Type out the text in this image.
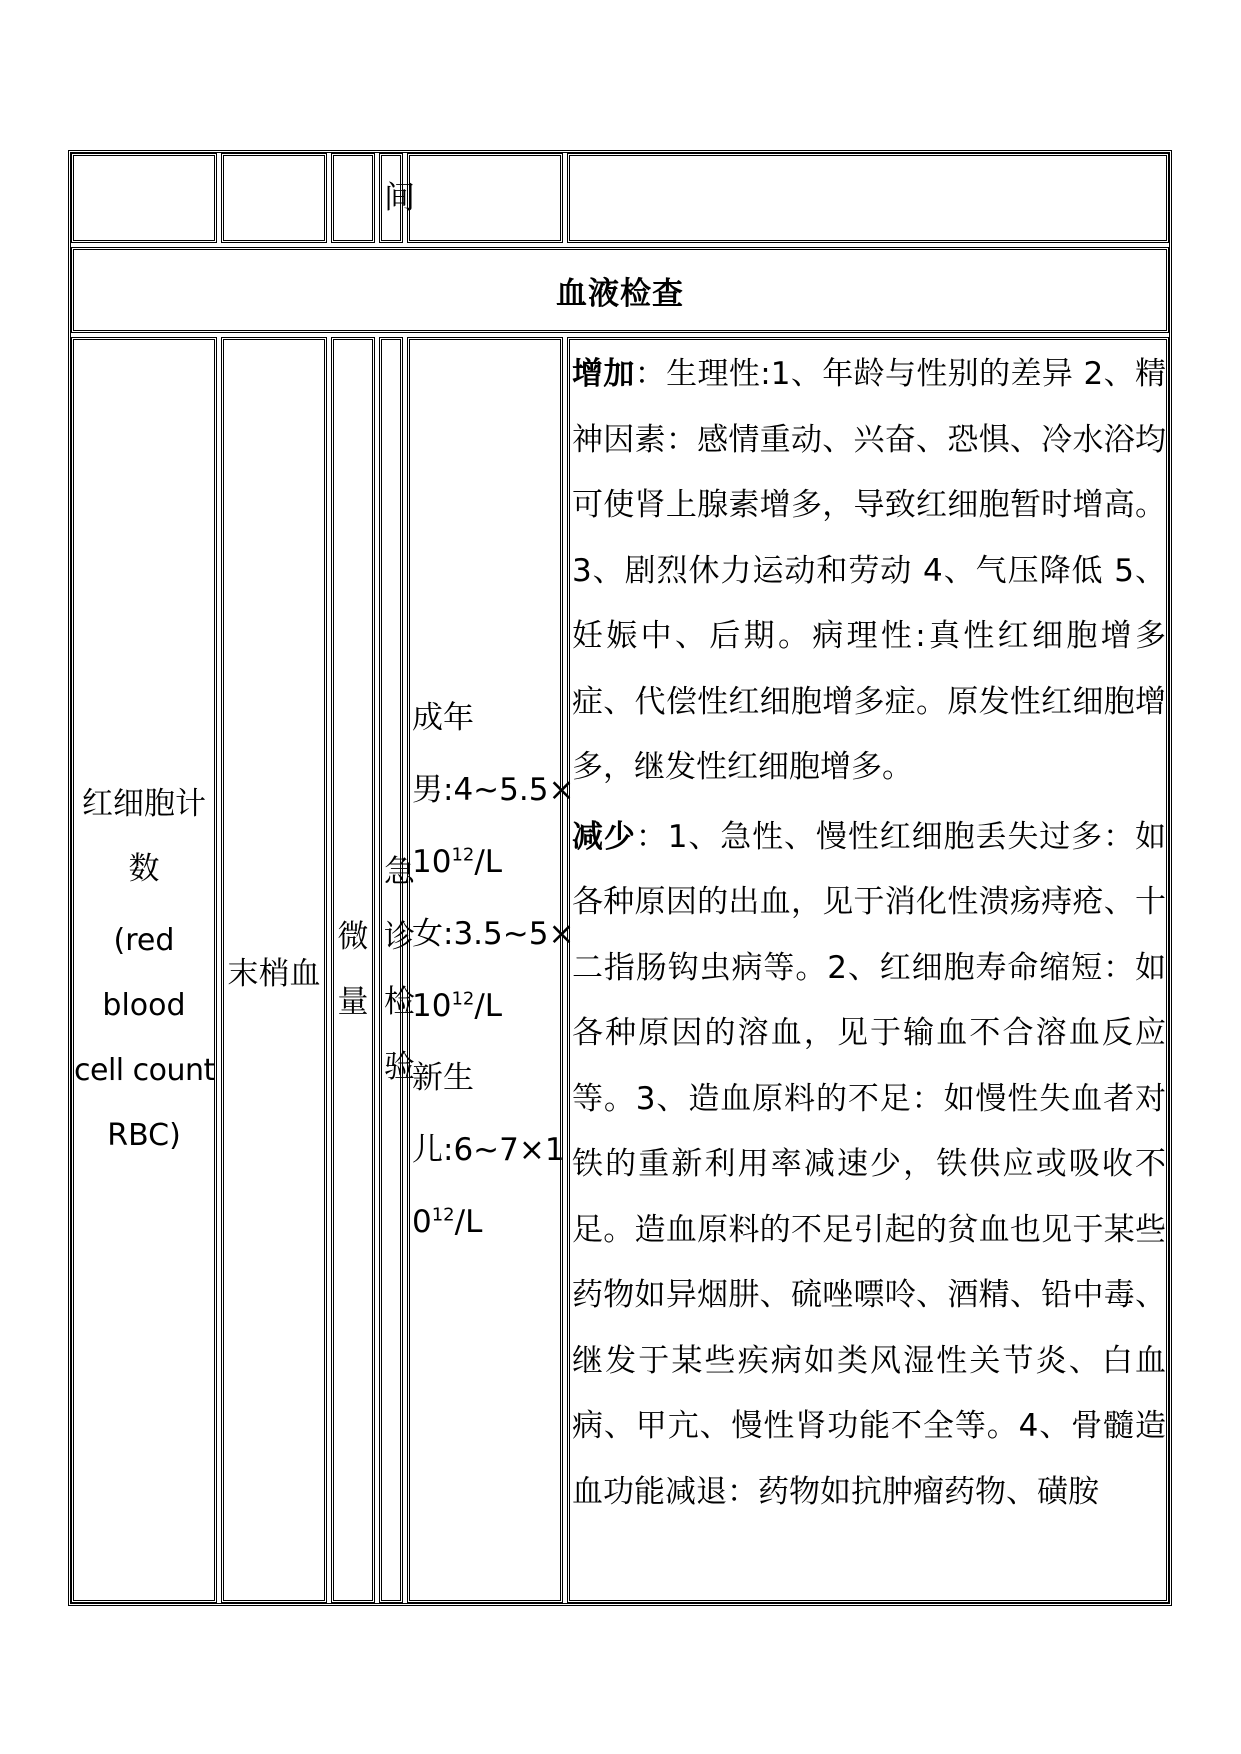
间
血液检查
红细胞计
数
(red
blood
cell count
RBC)
末梢血
微
量
急
诊
检
验
成年
男:4~5.5×
$10^{12}/L$
女:3.5~5×
$10^{12}/L$
新生
儿:6~7×1
$0^{12}/L$

增加：生理性:1、年龄与性别的差异 2、精神因素：感情重动、兴奋、恐惧、冷水浴均可使肾上腺素增多，导致红细胞暂时增高。3、剧烈休力运动和劳动 4、气压降低 5、妊娠中、后期。病理性:真性红细胞增多症、代偿性红细胞增多症。原发性红细胞增多，继发性红细胞增多。

减少：1、急性、慢性红细胞丢失过多：如各种原因的出血，见于消化性溃疡痔疮、十二指肠钩虫病等。2、红细胞寿命缩短：如各种原因的溶血，见于输血不合溶血反应等。3、造血原料的不足：如慢性失血者对铁的重新利用率减速少，铁供应或吸收不足。造血原料的不足引起的贫血也见于某些药物如异烟肼、硫唑嘌呤、酒精、铅中毒、继发于某些疾病如类风湿性关节炎、白血病、甲亢、慢性肾功能不全等。4、骨髓造血功能减退：药物如抗肿瘤药物、磺胺
